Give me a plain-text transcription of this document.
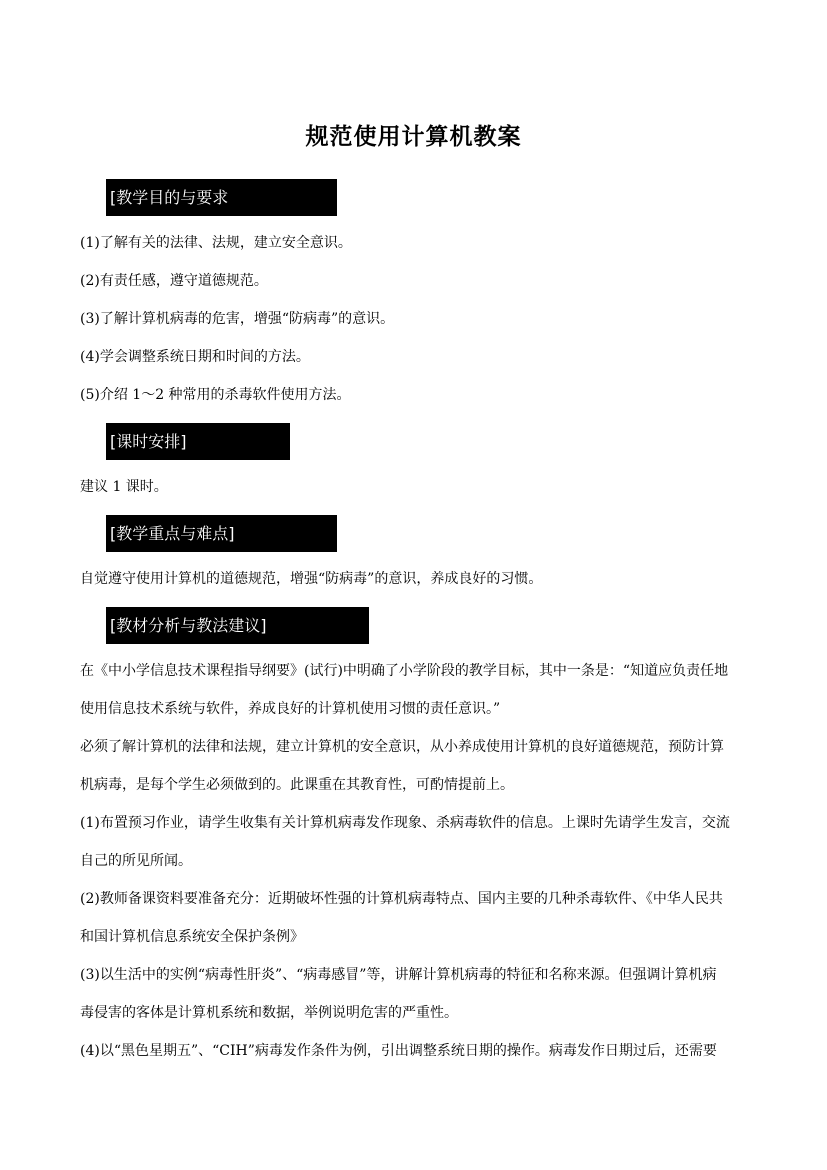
规范使用计算机教案
[教学目的与要求
(1)了解有关的法律、法规，建立安全意识。
(2)有责任感，遵守道德规范。
(3)了解计算机病毒的危害，增强“防病毒”的意识。
(4)学会调整系统日期和时间的方法。
(5)介绍 1～2 种常用的杀毒软件使用方法。
[课时安排]
建议 1 课时。
[教学重点与难点]
自觉遵守使用计算机的道德规范，增强“防病毒”的意识，养成良好的习惯。
[教材分析与教法建议]
在《中小学信息技术课程指导纲要》(试行)中明确了小学阶段的教学目标，其中一条是：“知道应负责任地
使用信息技术系统与软件，养成良好的计算机使用习惯的责任意识。”
必须了解计算机的法律和法规，建立计算机的安全意识，从小养成使用计算机的良好道德规范，预防计算
机病毒，是每个学生必须做到的。此课重在其教育性，可酌情提前上。
(1)布置预习作业，请学生收集有关计算机病毒发作现象、杀病毒软件的信息。上课时先请学生发言，交流
自己的所见所闻。
(2)教师备课资料要准备充分：近期破坏性强的计算机病毒特点、国内主要的几种杀毒软件、《中华人民共
和国计算机信息系统安全保护条例》
(3)以生活中的实例“病毒性肝炎”、“病毒感冒”等，讲解计算机病毒的特征和名称来源。但强调计算机病
毒侵害的客体是计算机系统和数据，举例说明危害的严重性。
(4)以“黑色星期五”、“CIH”病毒发作条件为例，引出调整系统日期的操作。病毒发作日期过后，还需要
